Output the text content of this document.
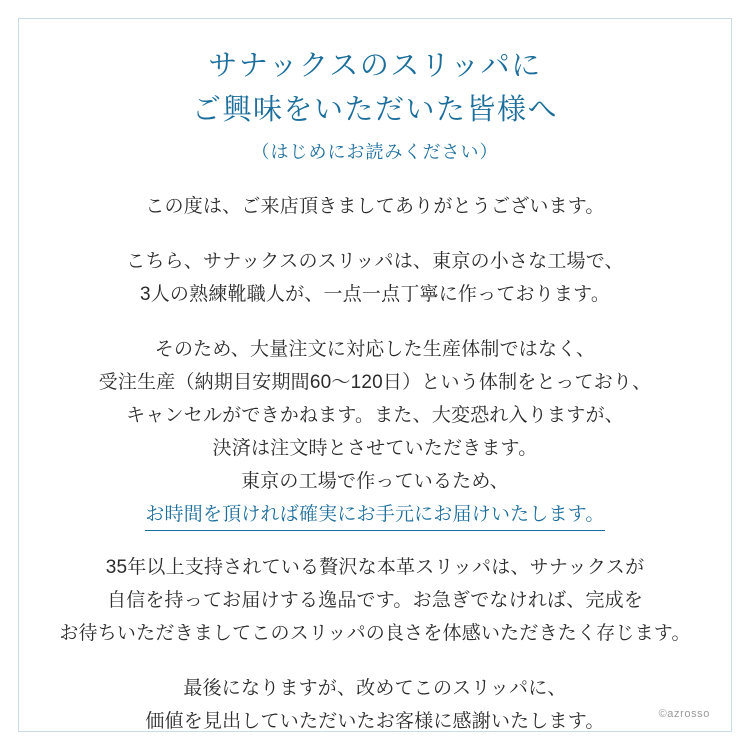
サナックスのスリッパに
ご興味をいただいた皆様へ
（はじめにお読みください）

この度は、ご来店頂きましてありがとうございます。

こちら、サナックスのスリッパは、東京の小さな工場で、
3人の熟練靴職人が、一点一点丁寧に作っております。

そのため、大量注文に対応した生産体制ではなく、
受注生産（納期目安期間60〜120日）という体制をとっており、
キャンセルができかねます。また、大変恐れ入りますが、
決済は注文時とさせていただきます。
東京の工場で作っているため、
お時間を頂ければ確実にお手元にお届けいたします。

35年以上支持されている贅沢な本革スリッパは、サナックスが
自信を持ってお届けする逸品です。お急ぎでなければ、完成を
お待ちいただきましてこのスリッパの良さを体感いただきたく存じます。

最後になりますが、改めてこのスリッパに、
価値を見出していただいたお客様に感謝いたします。	©azrosso
